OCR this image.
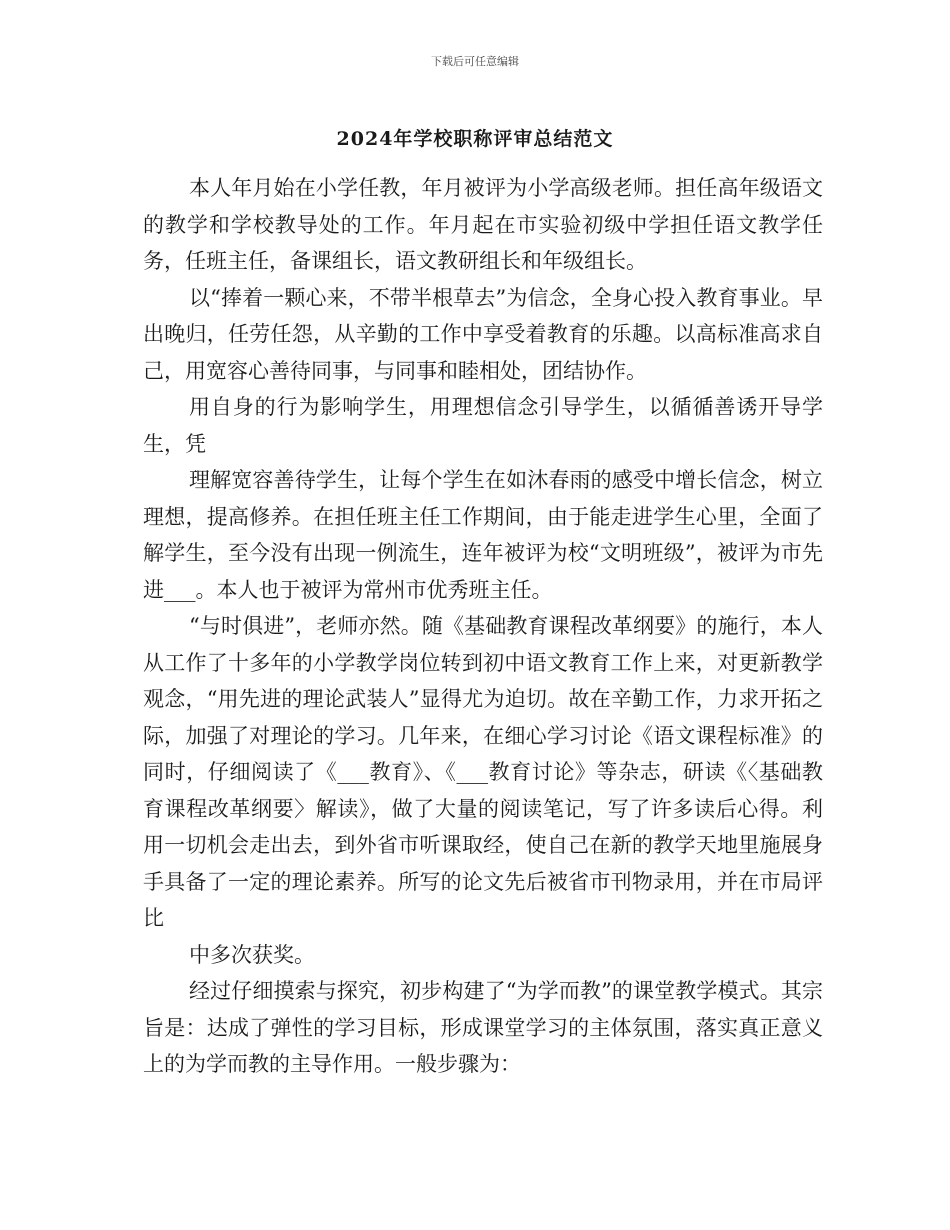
下载后可任意编辑
2024年学校职称评审总结范文

本人年月始在小学任教，年月被评为小学高级老师。担任高年级语文的教学和学校教导处的工作。年月起在市实验初级中学担任语文教学任务，任班主任，备课组长，语文教研组长和年级组长。

以“捧着一颗心来，不带半根草去”为信念，全身心投入教育事业。早出晚归，任劳任怨，从辛勤的工作中享受着教育的乐趣。以高标准高求自己，用宽容心善待同事，与同事和睦相处，团结协作。

用自身的行为影响学生，用理想信念引导学生，以循循善诱开导学生，凭

理解宽容善待学生，让每个学生在如沐春雨的感受中增长信念，树立理想，提高修养。在担任班主任工作期间，由于能走进学生心里，全面了解学生，至今没有出现一例流生，连年被评为校“文明班级”，被评为市先进___。本人也于被评为常州市优秀班主任。

“与时俱进”，老师亦然。随《基础教育课程改革纲要》的施行，本人从工作了十多年的小学教学岗位转到初中语文教育工作上来，对更新教学观念，“用先进的理论武装人”显得尤为迫切。故在辛勤工作，力求开拓之际，加强了对理论的学习。几年来，在细心学习讨论《语文课程标准》的同时，仔细阅读了《___教育》、《___教育讨论》等杂志，研读《〈基础教育课程改革纲要〉解读》，做了大量的阅读笔记，写了许多读后心得。利用一切机会走出去，到外省市听课取经，使自己在新的教学天地里施展身手具备了一定的理论素养。所写的论文先后被省市刊物录用，并在市局评比

中多次获奖。

经过仔细摸索与探究，初步构建了“为学而教”的课堂教学模式。其宗旨是：达成了弹性的学习目标，形成课堂学习的主体氛围，落实真正意义上的为学而教的主导作用。一般步骤为：
